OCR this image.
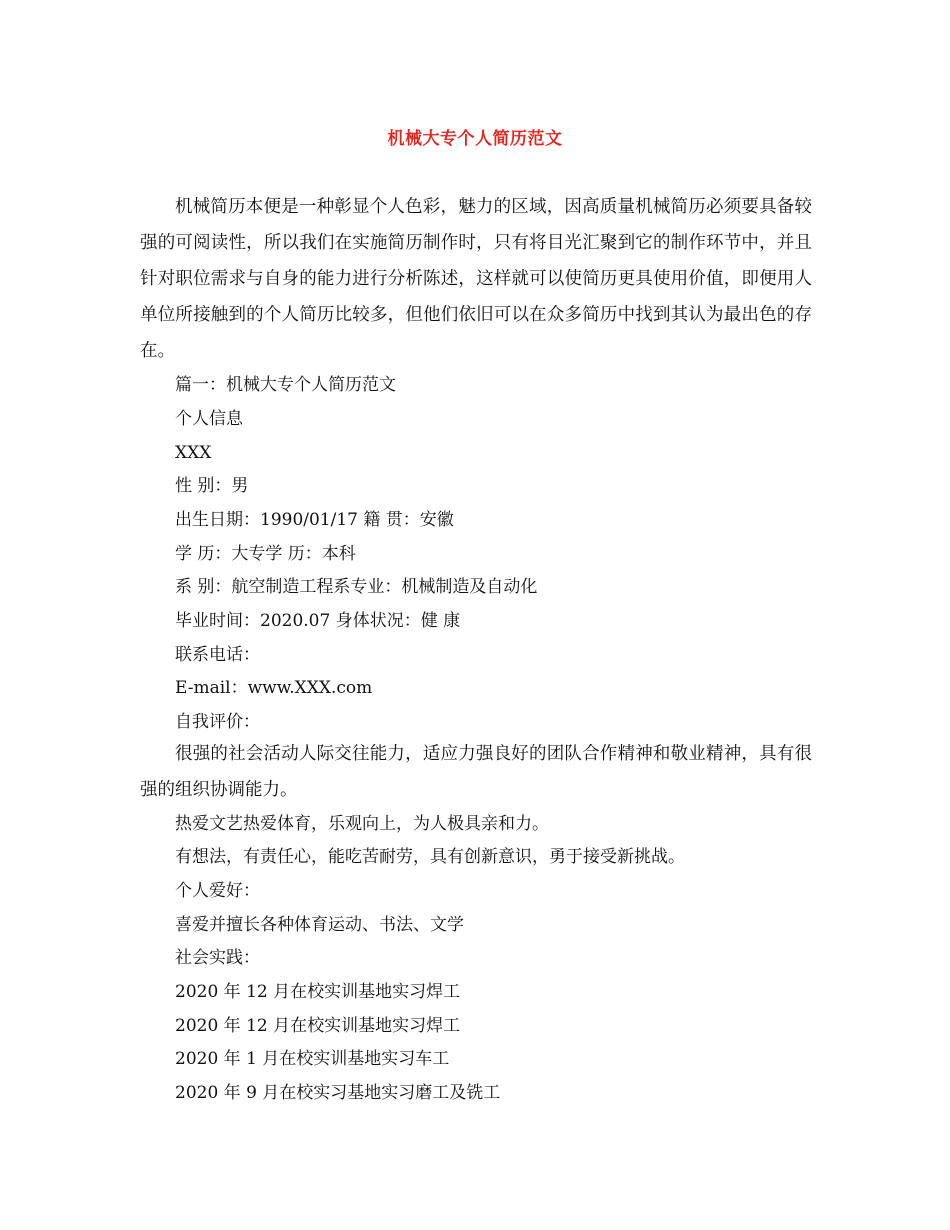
机械大专个人简历范文
机械简历本便是一种彰显个人色彩，魅力的区域，因高质量机械简历必须要具备较强的可阅读性，所以我们在实施简历制作时，只有将目光汇聚到它的制作环节中，并且针对职位需求与自身的能力进行分析陈述，这样就可以使简历更具使用价值，即便用人单位所接触到的个人简历比较多，但他们依旧可以在众多简历中找到其认为最出色的存在。
篇一：机械大专个人简历范文
个人信息
XXX
性 别：男
出生日期：1990/01/17 籍 贯：安徽
学 历：大专学 历：本科
系 别：航空制造工程系专业：机械制造及自动化
毕业时间：2020.07 身体状况：健 康
联系电话：
E-mail：www.XXX.com
自我评价：
很强的社会活动人际交往能力，适应力强良好的团队合作精神和敬业精神，具有很强的组织协调能力。
热爱文艺热爱体育，乐观向上，为人极具亲和力。
有想法，有责任心，能吃苦耐劳，具有创新意识，勇于接受新挑战。
个人爱好：
喜爱并擅长各种体育运动、书法、文学
社会实践：
2020 年 12 月在校实训基地实习焊工
2020 年 12 月在校实训基地实习焊工
2020 年 1 月在校实训基地实习车工
2020 年 9 月在校实习基地实习磨工及铣工
